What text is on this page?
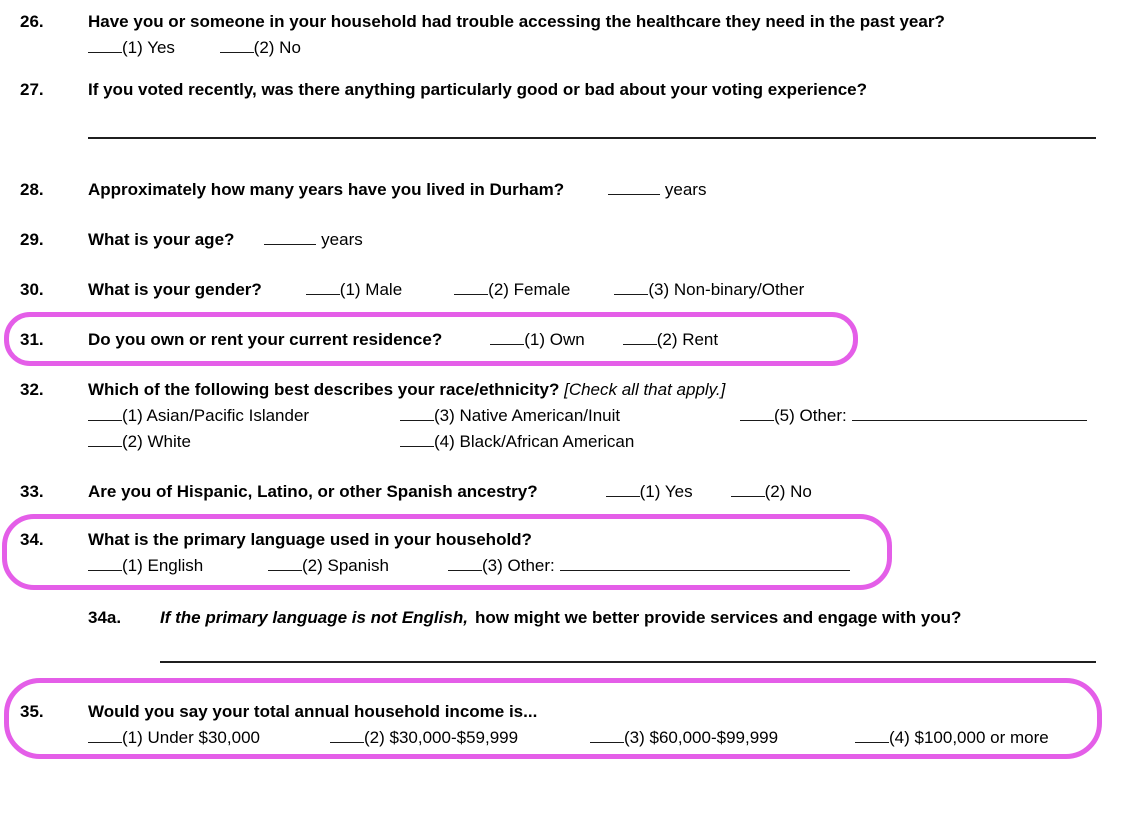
26.	Have you or someone in your household had trouble accessing the healthcare they need in the past year?
(1) Yes	(2) No
27.	If you voted recently, was there anything particularly good or bad about your voting experience?
28.	Approximately how many years have you lived in Durham?	years
29.	What is your age?	years
30.	What is your gender?	(1) Male	(2) Female	(3) Non-binary/Other
31.	Do you own or rent your current residence?	(1) Own	(2) Rent
32.	Which of the following best describes your race/ethnicity? [Check all that apply.]
(1) Asian/Pacific Islander	(3) Native American/Inuit	(5) Other:
(2) White	(4) Black/African American
33.	Are you of Hispanic, Latino, or other Spanish ancestry?	(1) Yes	(2) No
34.	What is the primary language used in your household?
(1) English	(2) Spanish	(3) Other:
34a.	If the primary language is not English, how might we better provide services and engage with you?
35.	Would you say your total annual household income is...
(1) Under $30,000	(2) $30,000-$59,999	(3) $60,000-$99,999	(4) $100,000 or more
